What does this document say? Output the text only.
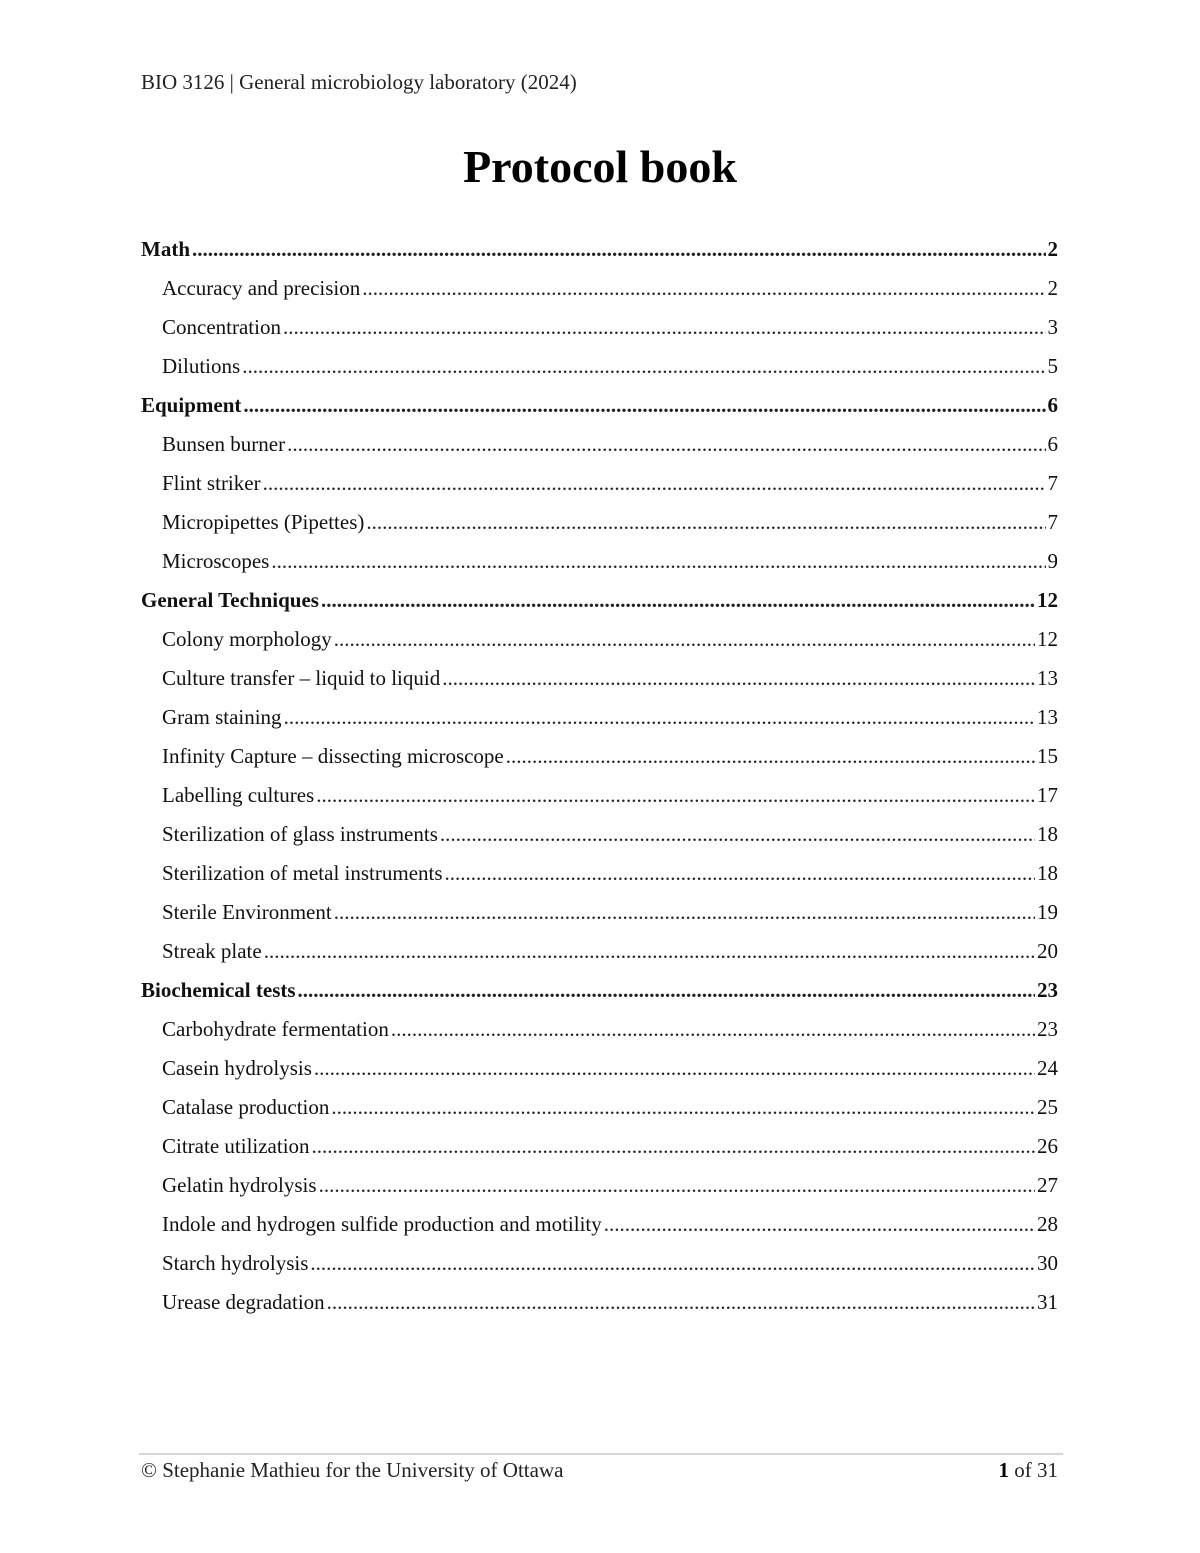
BIO 3126 | General microbiology laboratory (2024)
Protocol book
Math .....	2
Accuracy and precision .....	2
Concentration .....	3
Dilutions .....	5
Equipment .....	6
Bunsen burner .....	6
Flint striker .....	7
Micropipettes (Pipettes) .....	7
Microscopes .....	9
General Techniques .....	12
Colony morphology .....	12
Culture transfer – liquid to liquid .....	13
Gram staining .....	13
Infinity Capture – dissecting microscope .....	15
Labelling cultures .....	17
Sterilization of glass instruments .....	18
Sterilization of metal instruments .....	18
Sterile Environment .....	19
Streak plate .....	20
Biochemical tests .....	23
Carbohydrate fermentation .....	23
Casein hydrolysis .....	24
Catalase production .....	25
Citrate utilization .....	26
Gelatin hydrolysis .....	27
Indole and hydrogen sulfide production and motility .....	28
Starch hydrolysis .....	30
Urease degradation .....	31
© Stephanie Mathieu for the University of Ottawa	1 of 31
